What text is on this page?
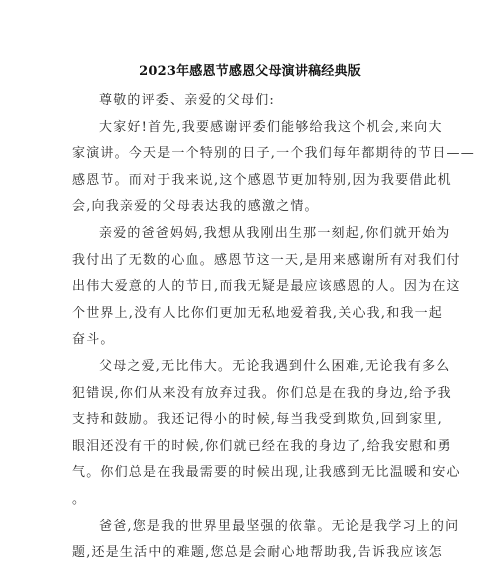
2023年感恩节感恩父母演讲稿经典版
尊敬的评委、亲爱的父母们:
大家好!首先,我要感谢评委们能够给我这个机会,来向大
家演讲。今天是一个特别的日子,一个我们每年都期待的节日——
感恩节。而对于我来说,这个感恩节更加特别,因为我要借此机
会,向我亲爱的父母表达我的感激之情。
亲爱的爸爸妈妈,我想从我刚出生那一刻起,你们就开始为
我付出了无数的心血。感恩节这一天,是用来感谢所有对我们付
出伟大爱意的人的节日,而我无疑是最应该感恩的人。因为在这
个世界上,没有人比你们更加无私地爱着我,关心我,和我一起
奋斗。
父母之爱,无比伟大。无论我遇到什么困难,无论我有多么
犯错误,你们从来没有放弃过我。你们总是在我的身边,给予我
支持和鼓励。我还记得小的时候,每当我受到欺负,回到家里,
眼泪还没有干的时候,你们就已经在我的身边了,给我安慰和勇
气。你们总是在我最需要的时候出现,让我感到无比温暖和安心
。
爸爸,您是我的世界里最坚强的依靠。无论是我学习上的问
题,还是生活中的难题,您总是会耐心地帮助我,告诉我应该怎
